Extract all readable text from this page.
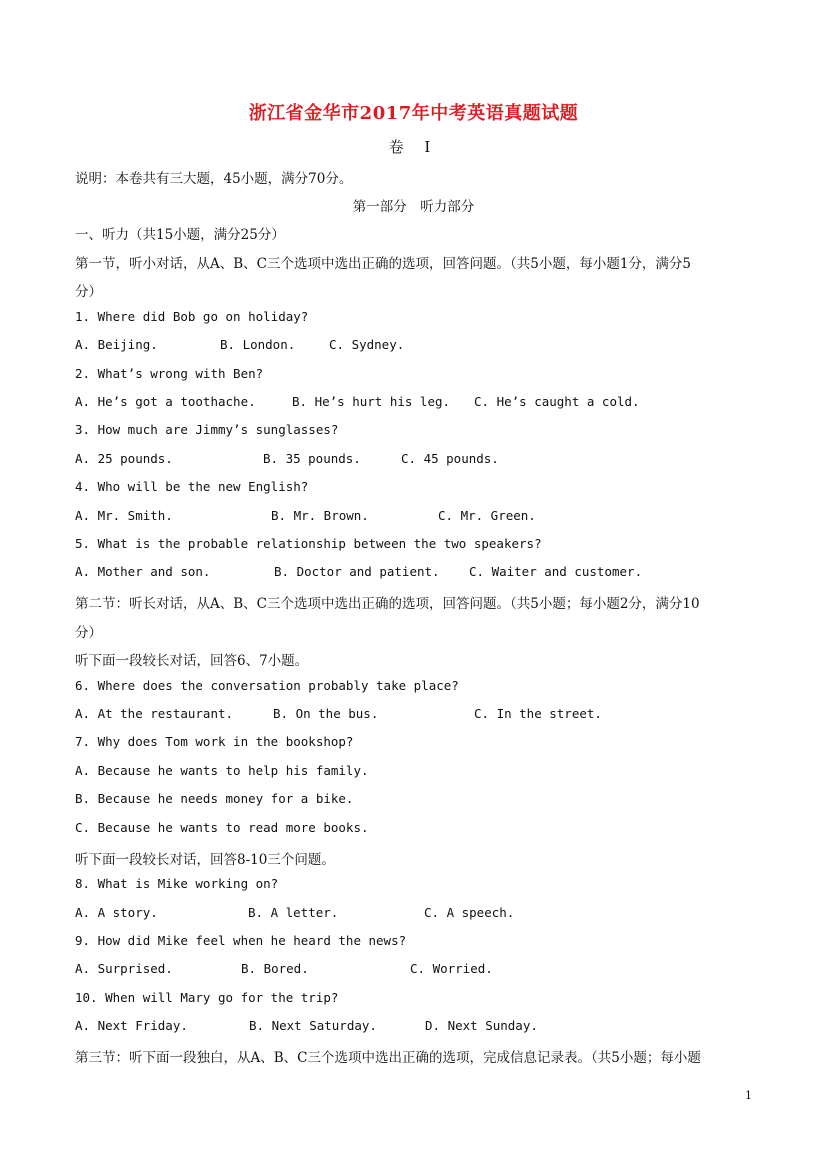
浙江省金华市2017年中考英语真题试题
卷 Ⅰ
说明：本卷共有三大题，45小题，满分70分。
第一部分　听力部分
一、听力（共15小题，满分25分）
第一节，听小对话，从A、B、C三个选项中选出正确的选项，回答问题。（共5小题，每小题1分，满分5
分）
1. Where did Bob go on holiday?
A. Beijing.	B. London.	C. Sydney.
2. What’s wrong with Ben?
A. He’s got a toothache.	B. He’s hurt his leg. C. He’s caught a cold.
3. How much are Jimmy’s sunglasses?
A. 25 pounds.	B. 35 pounds.	C. 45 pounds.
4. Who will be the new English?
A. Mr. Smith.	B. Mr. Brown.	C. Mr. Green.
5. What is the probable relationship between the two speakers?
A. Mother and son.	B. Doctor and patient. C. Waiter and customer.
第二节：听长对话，从A、B、C三个选项中选出正确的选项，回答问题。（共5小题；每小题2分，满分10
分）
听下面一段较长对话，回答6、7小题。
6. Where does the conversation probably take place?
A. At the restaurant.	B. On the bus.	C. In the street.
7. Why does Tom work in the bookshop?
A. Because he wants to help his family.
B. Because he needs money for a bike.
C. Because he wants to read more books.
听下面一段较长对话，回答8-10三个问题。
8. What is Mike working on?
A. A story.	B. A letter.	C. A speech.
9. How did Mike feel when he heard the news?
A. Surprised.	B. Bored.	C. Worried.
10. When will Mary go for the trip?
A. Next Friday.	B. Next Saturday.	D. Next Sunday.
第三节：听下面一段独白，从A、B、C三个选项中选出正确的选项，完成信息记录表。（共5小题；每小题
1
